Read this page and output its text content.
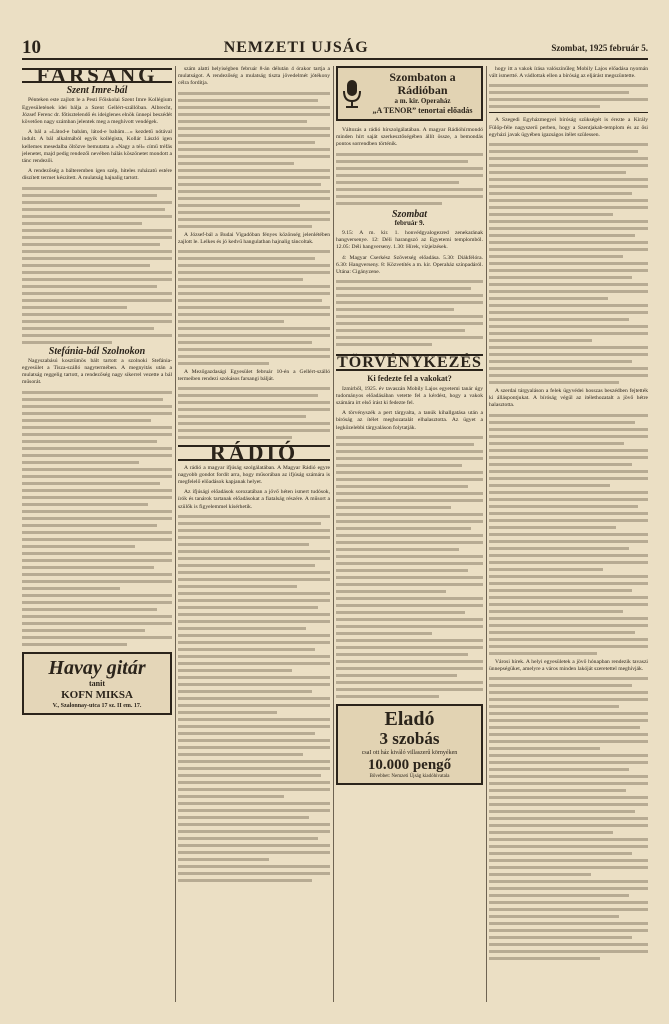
10	NEMZETI UJSÁG	Szombat, 1925 február 5.
FARSANG
Szent Imre-bál

Pénteken este zajlott le a Pesti Főiskolai Szent Imre Kollégium Egyesületének idei bálja a Szent Gellért-szállóban. Albrecht, József Ferenc dr. főtisztelendő és ideiglenes elnök ünnepi beszédét követően nagy számban jelentek meg a meghívott vendégek.

A bál a »Látod-e babám, látod-e babám…« kezdetű nótával indult. A bál alkalmából egyik kollégista, Kollár László igen kellemes mesedalba öltözve bemutatta a »Nagy a tél« című tréfás jelenetet, majd pedig rendezői nevében hálás köszönetet mondott a tánc rendezői.

A rendezőség a bálteremben igen szép, hiteles ruházatú estére díszített termet készített. A mulatság hajnalig tartott.

Stefánia-bál Szolnokon

Nagyszabású kosztümös bált tartott a szolnoki Stefánia-egyesület a Tisza-szálló nagytermében. A megnyitás után a mulatság reggelig tartott, a rendezőség nagy sikerrel vezette a bál műsorát.

Havay gitár
tanit
KOFN MIKSA
V., Szalonnay-utca 17 sz. II em. 17.

szám alatti helyiségben február 8-án délután 4 órakor tartja a mulatságot. A rendezőség a mulatság tiszta jövedelmét jótékony célra fordítja.

A József-bál a Budai Vigadóban fényes közönség jelenlétében zajlott le. Lelkes és jó kedvű hangulatban hajnalig táncoltak.

A Mezőgazdasági Egyesület február 10-én a Gellért-szálló termeiben rendezi szokásos farsangi bálját.

RÁDIÓ

A rádió a magyar ifjúság szolgálatában. A Magyar Rádió egyre nagyobb gondot fordít arra, hogy műsorában az ifjúság számára is megfelelő előadások kapjanak helyet.

Az ifjúsági előadások sorozatában a jövő héten ismert tudósok, írók és tanárok tartanak előadásokat a fiatalság részére. A műsort a szülők is figyelemmel kísérhetik.

Szombaton a Rádióban
a m. kir. Operaház
„A TENOR” tenortai előadás

Változás a rádió hírszolgálatában. A magyar Rádióhírmondó minden hírt saját szerkesztőségében állít össze, a bemondás pontos sorrendben történik.

Szombat
február 9.

9.15: A m. kir. 1. honvédgyalogezred zenekarának hangversenye. 12: Déli harangszó az Egyetemi templomból. 12.05: Déli hangverseny. 1.30: Hírek, vízjelzések.

4: Magyar Cserkész Szövetség előadása. 5.30: Diákfélóra. 6.30: Hangverseny. 8: Közvetítés a m. kir. Operaház színpadáról. Utána: Cigányzene.

TÖRVÉNYKEZÉS
Ki fedezte fel a vakokat?

Izmirből, 1925. év tavaszán Mobily Lajos egyetemi tanár úgy tudományos előadásában vetette fel a kérdést, hogy a vakok számára írt első írást ki fedezte fel.

A törvényszék a pert tárgyalta, a tanúk kihallgatása után a bíróság az ítélet meghozatalát elhalasztotta. Az ügyet a legközelebbi tárgyaláson folytatják.

Eladó
3 szobás
csaI ott ház kiváló villaszerű környéken
10.000 pengő
Bővebbet: Nemzeti Újság kiadóhivatala

hogy itt a vakok írása valószínűleg Mobily Lajos előadása nyomán vált ismertté. A vádlottak ellen a bíróság az eljárást megszüntette.

A Szegedi Egyházmegyei bíróság szükségét is érezte a Király Fülöp-féle nagyszerű perben, hogy a Szentjakab-templom és az ősi egyházi javak ügyében igazságos ítélet szülessen.

A szerdai tárgyaláson a felek ügyvédei hosszas beszédben fejtették ki álláspontjukat. A bíróság végül az ítélethozatalt a jövő hétre halasztotta.

Városi hírek. A helyi egyesületek a jövő hónapban rendezik tavaszi ünnepségüket, amelyre a város minden lakóját szeretettel meghívják.
